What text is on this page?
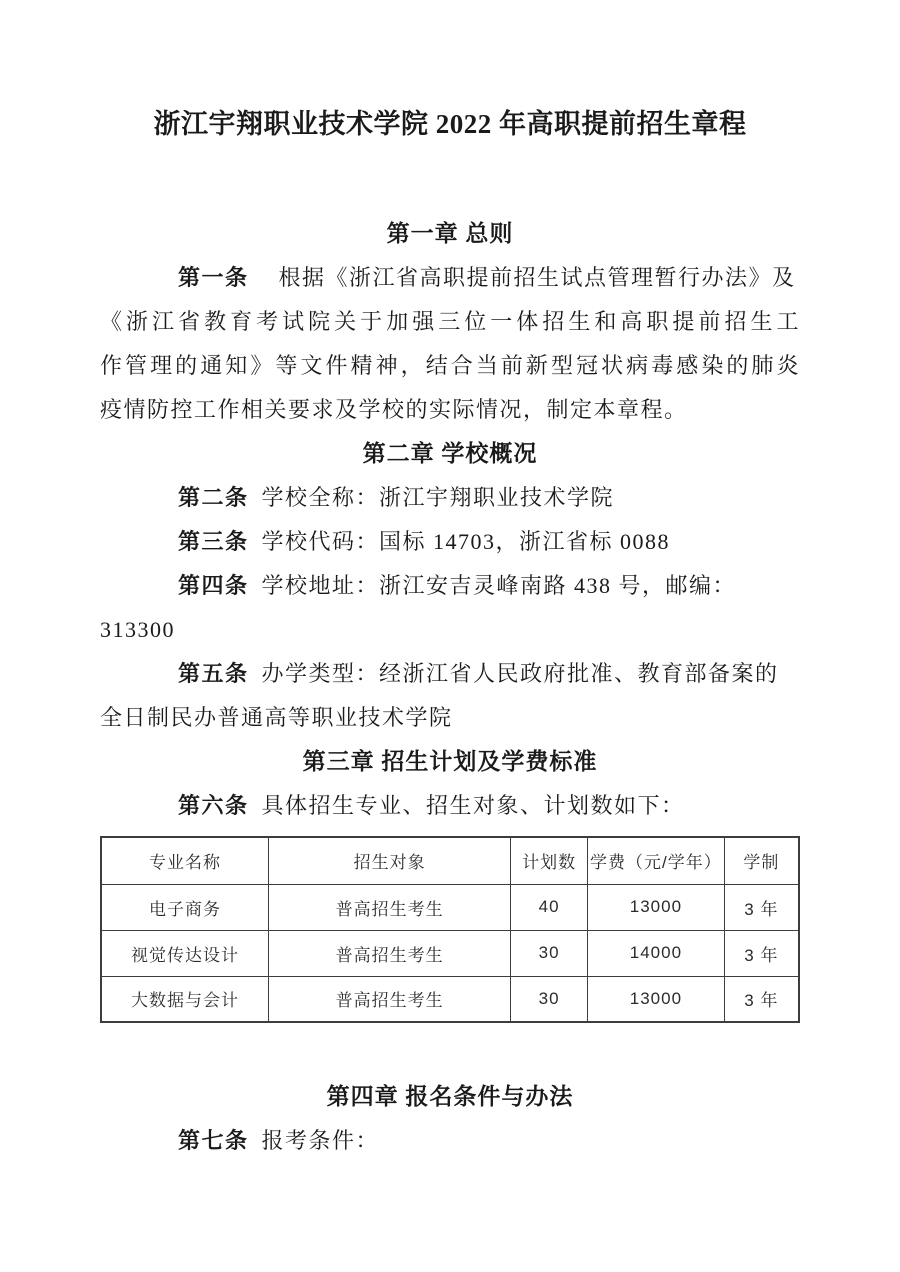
浙江宇翔职业技术学院 2022 年高职提前招生章程
第一章 总则

第一条 根据《浙江省高职提前招生试点管理暂行办法》及

《浙江省教育考试院关于加强三位一体招生和高职提前招生工

作管理的通知》等文件精神，结合当前新型冠状病毒感染的肺炎

疫情防控工作相关要求及学校的实际情况，制定本章程。

第二章 学校概况

第二条 学校全称：浙江宇翔职业技术学院

第三条 学校代码：国标 14703，浙江省标 0088

第四条 学校地址：浙江安吉灵峰南路 438 号，邮编：313300

第五条 办学类型：经浙江省人民政府批准、教育部备案的

全日制民办普通高等职业技术学院

第三章 招生计划及学费标准

第六条 具体招生专业、招生对象、计划数如下：

专业名称	招生对象	计划数	学费（元/学年）	学制
电子商务	普高招生考生	40	13000	3 年
视觉传达设计	普高招生考生	30	14000	3 年
大数据与会计	普高招生考生	30	13000	3 年
第四章 报名条件与办法

第七条 报考条件：
